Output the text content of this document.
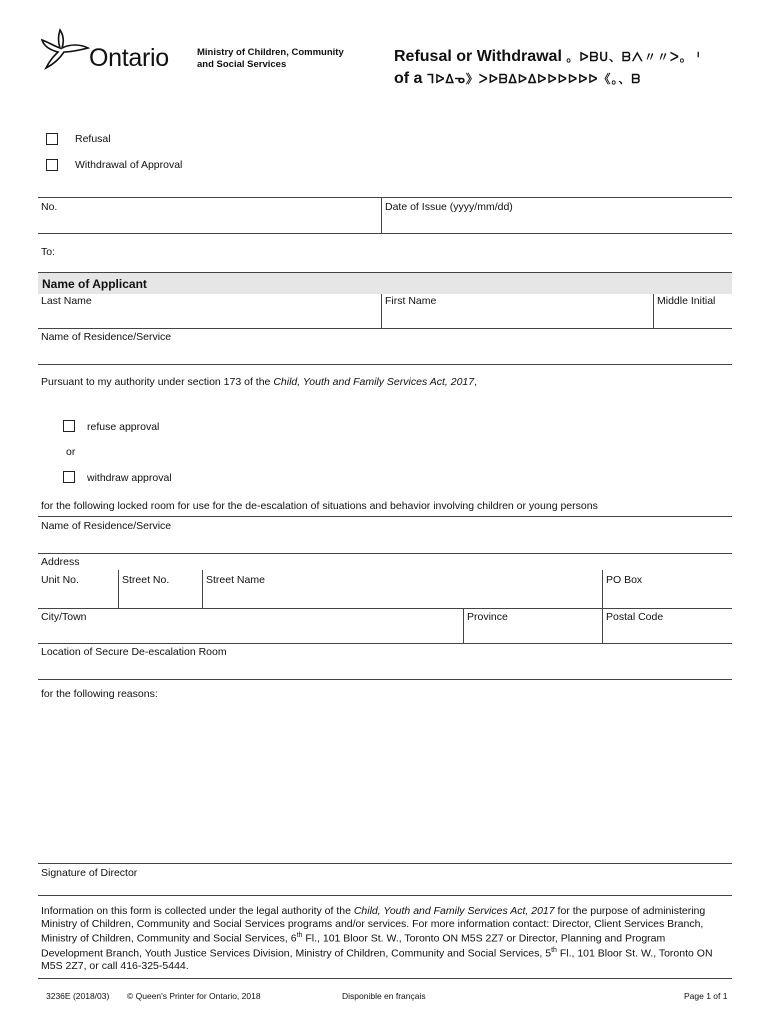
Ontario	Ministry of Children, Community
and Social Services	Refusal or Withdrawal 。ᐅᗷᑌ、ᗷᐱ〃〃ᐳ。 ᑊ
of a ᒣᐅᐃᓀ》ᐳᐅᗷᐃᐅᐃᐅᐅᐅᐅᐅᐅ《。、ᗷ
Refusal
Withdrawal of Approval
No.	Date of Issue (yyyy/mm/dd)
To:
Name of Applicant
Last Name	First Name	Middle Initial
Name of Residence/Service
Pursuant to my authority under section 173 of the Child, Youth and Family Services Act, 2017,
refuse approval
or
withdraw approval
for the following locked room for use for the de-escalation of situations and behavior involving children or young persons
Name of Residence/Service
Address
Unit No.	Street No.	Street Name	PO Box
City/Town	Province	Postal Code
Location of Secure De-escalation Room
for the following reasons:
Signature of Director
Information on this form is collected under the legal authority of the Child, Youth and Family Services Act, 2017 for the purpose of administering Ministry of Children, Community and Social Services programs and/or services. For more information contact: Director, Client Services Branch, Ministry of Children, Community and Social Services, 6th Fl., 101 Bloor St. W., Toronto ON M5S 2Z7 or Director, Planning and Program Development Branch, Youth Justice Services Division, Ministry of Children, Community and Social Services, 5th Fl., 101 Bloor St. W., Toronto ON M5S 2Z7, or call 416-325-5444.
3236E (2018/03) © Queen's Printer for Ontario, 2018	Disponible en français	Page 1 of 1
